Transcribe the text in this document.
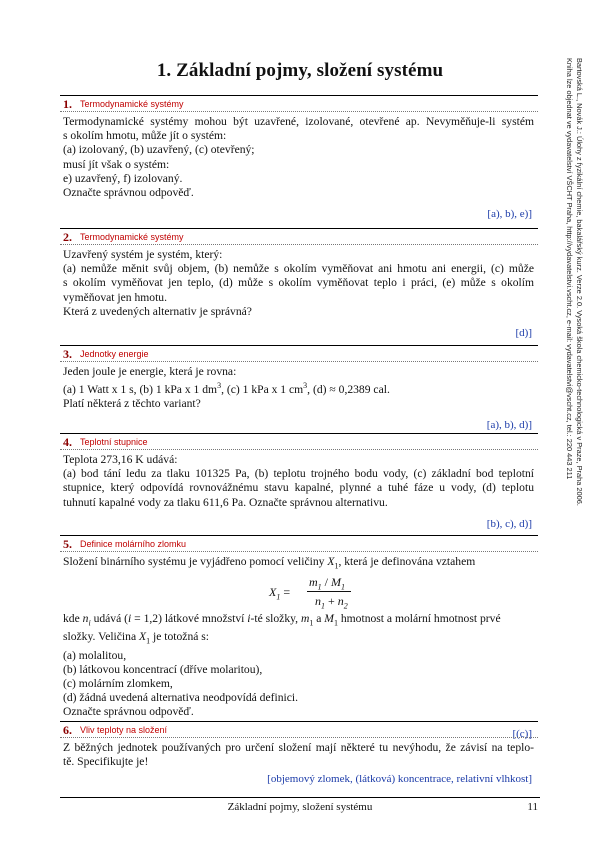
1. Základní pojmy, složení systému	Bartovská L., Novák J.: Úlohy z fyzikální chemie, bakalářský kurz. Verze 2.0. Vysoká škola chemicko-technologická v Praze, Praha 2006.
Kniha lze objednat ve vydavatelství VŠCHT Praha, http://vydavatelstvi.vscht.cz, e-mail: vydavatelstvi@vscht.cz, tel.: 220 443 211
1. Termodynamické systémy
Termodynamické systémy mohou být uzavřené, izolované, otevřené ap. Nevyměňuje-li systém
s okolím hmotu, může jít o systém:
(a) izolovaný, (b) uzavřený, (c) otevřený;
musí jít však o systém:
e) uzavřený, f) izolovaný.
Označte správnou odpověď.
[a), b), e)]
2. Termodynamické systémy
Uzavřený systém je systém, který:
(a) nemůže měnit svůj objem, (b) nemůže s okolím vyměňovat ani hmotu ani energii, (c) může
s okolím vyměňovat jen teplo, (d) může s okolím vyměňovat teplo i práci, (e) může s okolím
vyměňovat jen hmotu.
Která z uvedených alternativ je správná?
[d)]
3. Jednotky energie
Jeden joule je energie, která je rovna:
(a) 1 Watt x 1 s, (b) 1 kPa x 1 $dm^3$, (c) 1 kPa x 1 $cm^3$, (d) ≈ 0,2389 cal.
Platí některá z těchto variant?
[a), b), d)]
4. Teplotní stupnice
Teplota 273,16 K udává:
(a) bod tání ledu za tlaku 101325 Pa, (b) teplotu trojného bodu vody, (c) základní bod teplotní
stupnice, který odpovídá rovnovážnému stavu kapalné, plynné a tuhé fáze u vody, (d) teplotu
tuhnutí kapalné vody za tlaku 611,6 Pa. Označte správnou alternativu.
[b), c), d)]
5. Definice molárního zlomku
Složení binárního systému je vyjádřeno pomocí veličiny $X_1$, která je definována vztahem
$X_1$ =
$m_1 / M_1$
$n_1 + n_2$
kde $n_i$ udává (i = 1,2) látkové množství i-té složky, $m_1$ a $M_1$ hmotnost a molární hmotnost prvé
složky. Veličina $X_1$ je totožná s:
(a) molalitou,
(b) látkovou koncentrací (dříve molaritou),
(c) molárním zlomkem,
(d) žádná uvedená alternativa neodpovídá definici.
Označte správnou odpověď.
[(c)]
6. Vliv teploty na složení
Z běžných jednotek používaných pro určení složení mají některé tu nevýhodu, že závisí na teplo-
tě. Specifikujte je!
[objemový zlomek, (látková) koncentrace, relativní vlhkost]
Základní pojmy, složení systému	11
